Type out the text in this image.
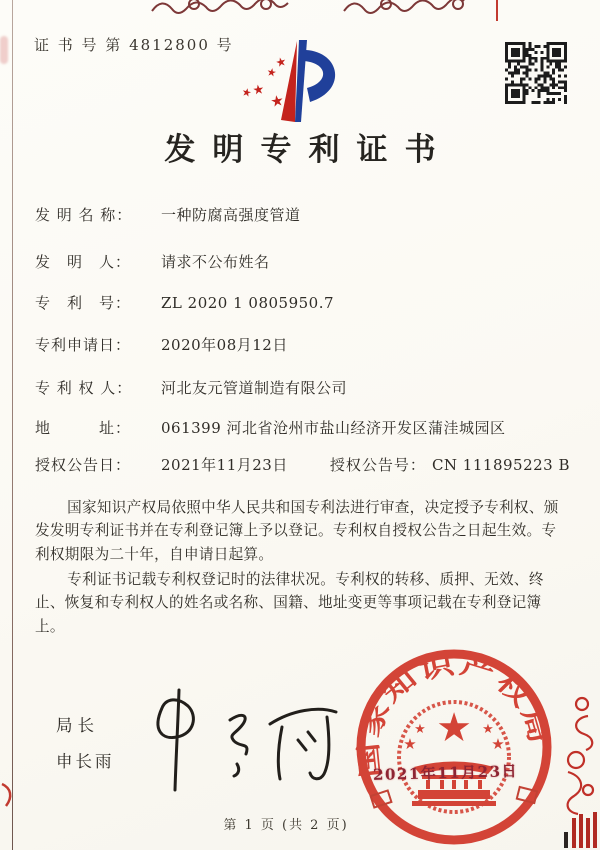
证 书 号 第 4812800 号
★
★
★
★ ★
发明专利证书
发 明 名 称： 一种防腐高强度管道
发　明　人： 请求不公布姓名
专　利　号： ZL 2020 1 0805950.7
专利申请日： 2020年08月12日
专 利 权 人： 河北友元管道制造有限公司
地　　　址： 061399 河北省沧州市盐山经济开发区蒲洼城园区
授权公告日： 2021年11月23日	授权公告号： CN 111895223 B

国家知识产权局依照中华人民共和国专利法进行审查，决定授予专利权、颁发发明专利证书并在专利登记簿上予以登记。专利权自授权公告之日起生效。专利权期限为二十年，自申请日起算。

专利证书记载专利权登记时的法律状况。专利权的转移、质押、无效、终止、恢复和专利权人的姓名或名称、国籍、地址变更等事项记载在专利登记簿上。

局长
申长雨	国家知识产权局
★
★
★
★
★
2021年11月23日
第 1 页 (共 2 页)
